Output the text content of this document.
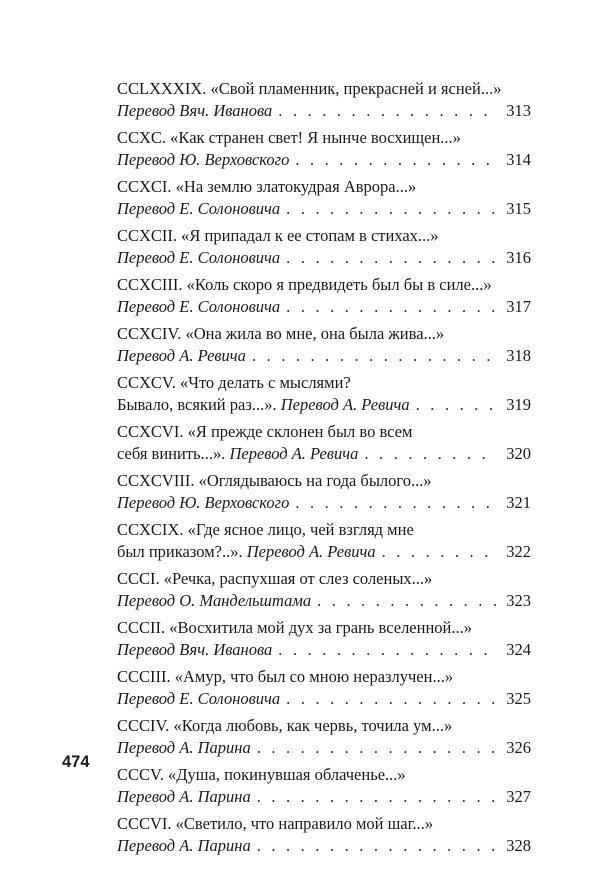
CCLXXXIX. «Свой пламенник, прекрасней и ясней...»
Перевод Вяч. Иванова . . .	313
CCXC. «Как странен свет! Я нынче восхищен...»
Перевод Ю. Верховского . . .	314
CCXCI. «На землю златокудрая Аврора...»
Перевод Е. Солоновича . . .	315
CCXCII. «Я припадал к ее стопам в стихах...»
Перевод Е. Солоновича . . .	316
CCXCIII. «Коль скоро я предвидеть был бы в силе...»
Перевод Е. Солоновича . . .	317
CCXCIV. «Она жила во мне, она была жива...»
Перевод А. Ревича . . .	318
CCXCV. «Что делать с мыслями?
Бывало, всякий раз...». Перевод А. Ревича . . .	319
CCXCVI. «Я прежде склонен был во всем
себя винить...». Перевод А. Ревича . . .	320
CCXCVIII. «Оглядываюсь на года былого...»
Перевод Ю. Верховского . . .	321
CCXCIX. «Где ясное лицо, чей взгляд мне
был приказом?..». Перевод А. Ревича . . .	322
CCCI. «Речка, распухшая от слез соленых...»
Перевод О. Мандельштама . . .	323
CCCII. «Восхитила мой дух за грань вселенной...»
Перевод Вяч. Иванова . . .	324
CCCIII. «Амур, что был со мною неразлучен...»
Перевод Е. Солоновича . . .	325
CCCIV. «Когда любовь, как червь, точила ум...»
Перевод А. Парина . . .	326
CCCV. «Душа, покинувшая облаченье...»
Перевод А. Парина . . .	327
CCCVI. «Светило, что направило мой шаг...»
Перевод А. Парина . . .	328
474
